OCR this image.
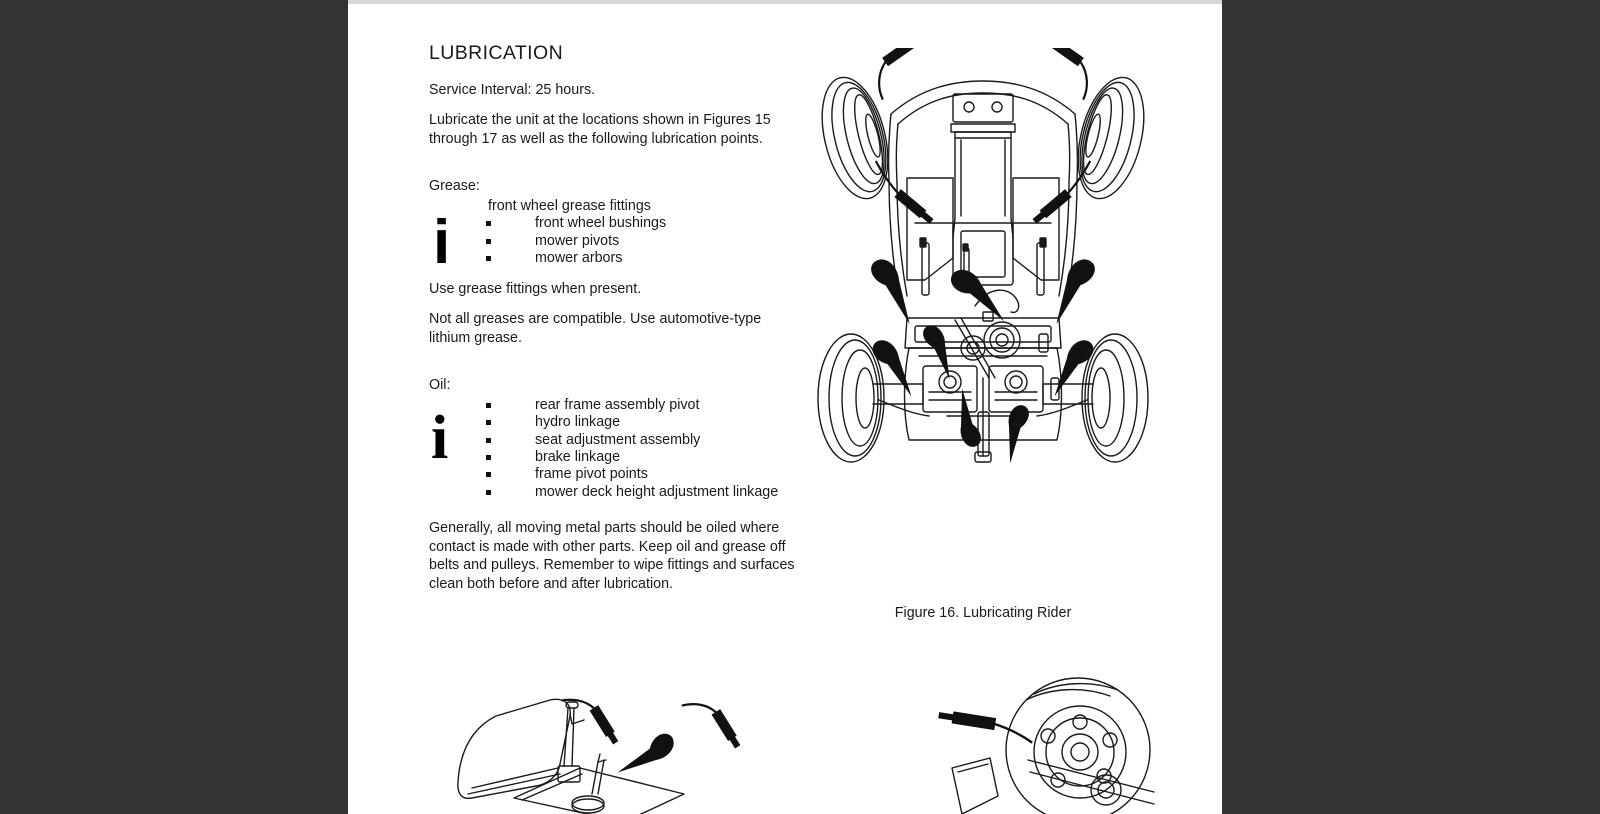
LUBRICATION

Service Interval: 25 hours.

Lubricate the unit at the locations shown in Figures 15 through 17 as well as the following lubrication points.

Grease:
i
front wheel grease fittings
front wheel bushings
mower pivots
mower arbors

Use grease fittings when present.

Not all greases are compatible. Use automotive-type lithium grease.

Oil:
i	rear frame assembly pivot
hydro linkage
seat adjustment assembly
brake linkage
frame pivot points
mower deck height adjustment linkage

Generally, all moving metal parts should be oiled where contact is made with other parts. Keep oil and grease off belts and pulleys. Remember to wipe fittings and surfaces clean both before and after lubrication.

Figure 16. Lubricating Rider
